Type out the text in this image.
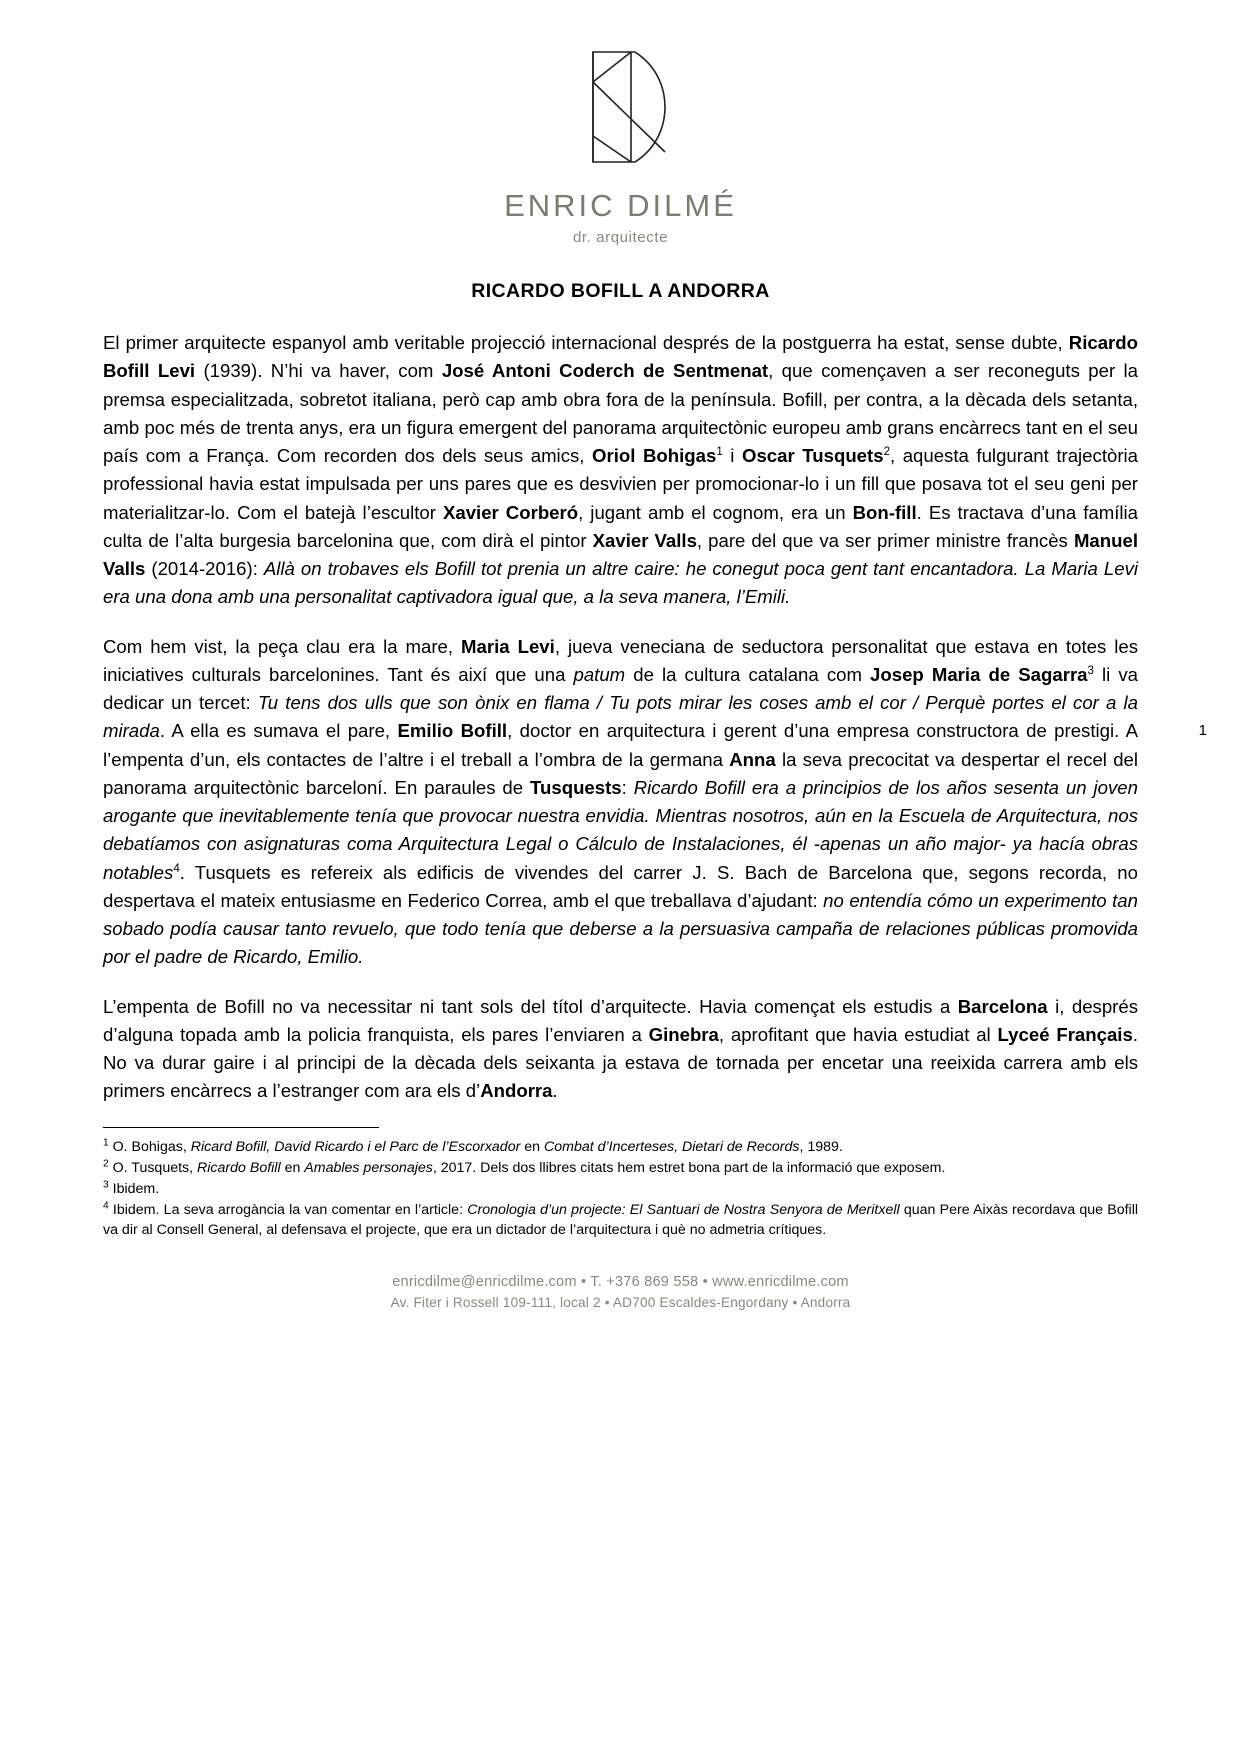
ENRIC DILMÉ
dr. arquitecte
RICARDO BOFILL A ANDORRA
1

El primer arquitecte espanyol amb veritable projecció internacional després de la postguerra ha estat, sense dubte, Ricardo Bofill Levi (1939). N’hi va haver, com José Antoni Coderch de Sentmenat, que començaven a ser reconeguts per la premsa especialitzada, sobretot italiana, però cap amb obra fora de la península. Bofill, per contra, a la dècada dels setanta, amb poc més de trenta anys, era un figura emergent del panorama arquitectònic europeu amb grans encàrrecs tant en el seu país com a França. Com recorden dos dels seus amics, Oriol Bohigas$^1$ i Oscar Tusquets$^2$, aquesta fulgurant trajectòria professional havia estat impulsada per uns pares que es desvivien per promocionar-lo i un fill que posava tot el seu geni per materialitzar-lo. Com el batejà l’escultor Xavier Corberó, jugant amb el cognom, era un Bon-fill. Es tractava d’una família culta de l’alta burgesia barcelonina que, com dirà el pintor Xavier Valls, pare del que va ser primer ministre francès Manuel Valls (2014-2016): Allà on trobaves els Bofill tot prenia un altre caire: he conegut poca gent tant encantadora. La Maria Levi era una dona amb una personalitat captivadora igual que, a la seva manera, l’Emili.

Com hem vist, la peça clau era la mare, Maria Levi, jueva veneciana de seductora personalitat que estava en totes les iniciatives culturals barcelonines. Tant és així que una patum de la cultura catalana com Josep Maria de Sagarra$^3$ li va dedicar un tercet: Tu tens dos ulls que son ònix en flama / Tu pots mirar les coses amb el cor / Perquè portes el cor a la mirada. A ella es sumava el pare, Emilio Bofill, doctor en arquitectura i gerent d’una empresa constructora de prestigi. A l’empenta d’un, els contactes de l’altre i el treball a l’ombra de la germana Anna la seva precocitat va despertar el recel del panorama arquitectònic barceloní. En paraules de Tusquests: Ricardo Bofill era a principios de los años sesenta un joven arogante que inevitablemente tenía que provocar nuestra envidia. Mientras nosotros, aún en la Escuela de Arquitectura, nos debatíamos con asignaturas coma Arquitectura Legal o Cálculo de Instalaciones, él -apenas un año major- ya hacía obras notables$^4$. Tusquets es refereix als edificis de vivendes del carrer J. S. Bach de Barcelona que, segons recorda, no despertava el mateix entusiasme en Federico Correa, amb el que treballava d’ajudant: no entendía cómo un experimento tan sobado podía causar tanto revuelo, que todo tenía que deberse a la persuasiva campaña de relaciones públicas promovida por el padre de Ricardo, Emilio.

L’empenta de Bofill no va necessitar ni tant sols del títol d’arquitecte. Havia començat els estudis a Barcelona i, després d’alguna topada amb la policia franquista, els pares l’enviaren a Ginebra, aprofitant que havia estudiat al Lyceé Français. No va durar gaire i al principi de la dècada dels seixanta ja estava de tornada per encetar una reeixida carrera amb els primers encàrrecs a l’estranger com ara els d’Andorra.

$^1$ O. Bohigas, Ricard Bofill, David Ricardo i el Parc de l’Escorxador en Combat d’Incerteses, Dietari de Records, 1989.

$^2$ O. Tusquets, Ricardo Bofill en Amables personajes, 2017. Dels dos llibres citats hem estret bona part de la informació que exposem.

$^3$ Ibidem.

$^4$ Ibidem. La seva arrogància la van comentar en l’article: Cronologia d’un projecte: El Santuari de Nostra Senyora de Meritxell quan Pere Aixàs recordava que Bofill va dir al Consell General, al defensava el projecte, que era un dictador de l’arquitectura i què no admetria crítiques.

enricdilme@enricdilme.com • T. +376 869 558 • www.enricdilme.com
Av. Fiter i Rossell 109-111, local 2 • AD700 Escaldes-Engordany • Andorra
